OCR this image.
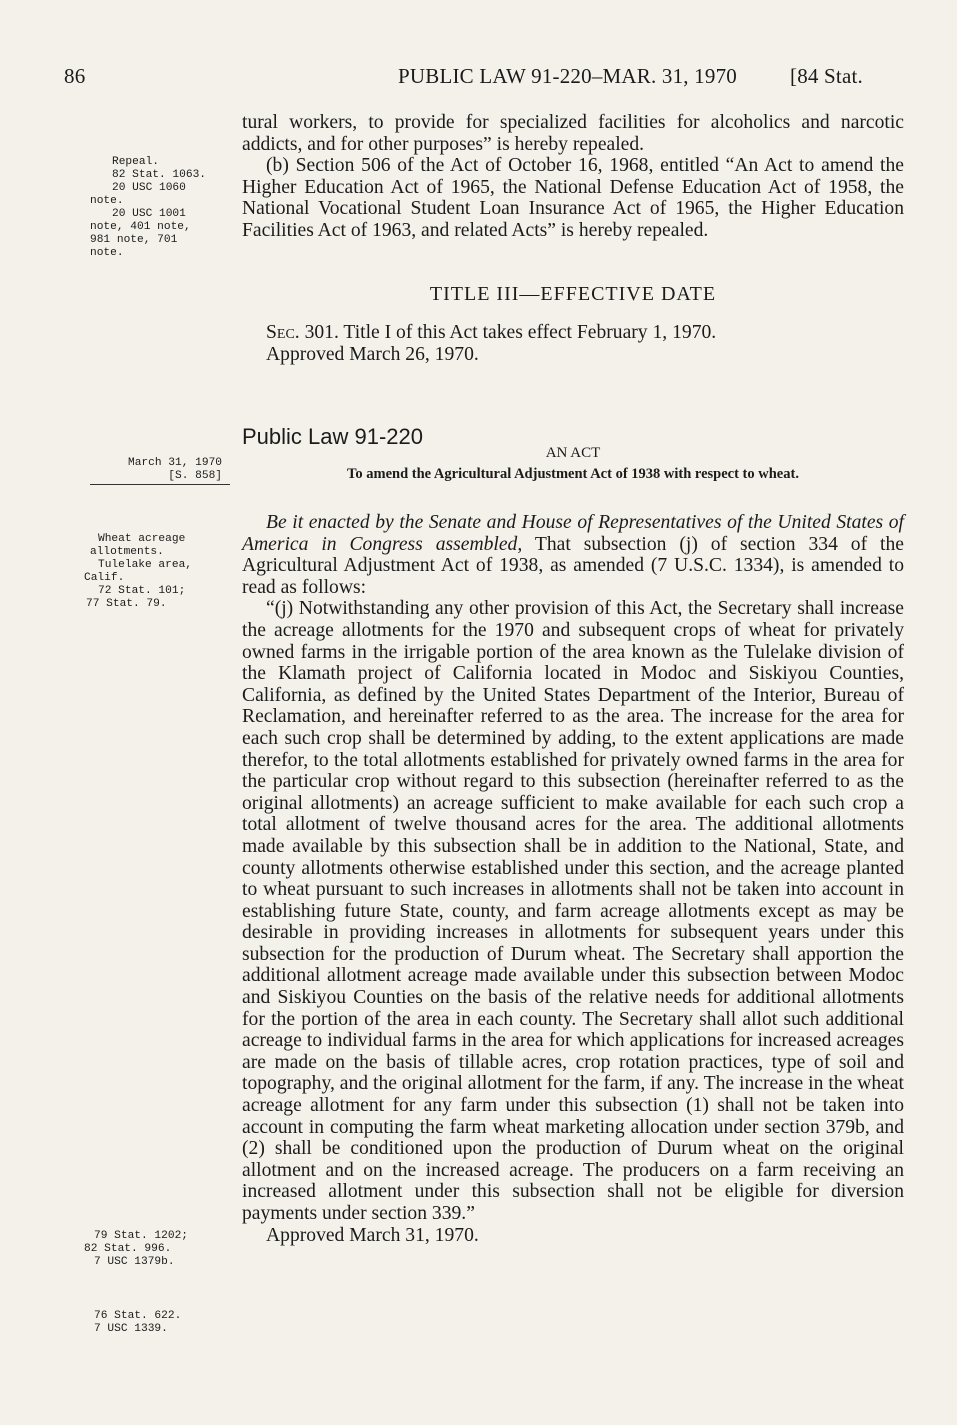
86	PUBLIC LAW 91-220–MAR. 31, 1970	[84 Stat.
Repeal.
82 Stat. 1063.
20 USC 1060
note.
20 USC 1001
note, 401 note,
981 note, 701
note.
March 31, 1970
[S. 858]
Wheat acreage
allotments.
Tulelake area,
Calif.
72 Stat. 101;
77 Stat. 79.
79 Stat. 1202;
82 Stat. 996.
7 USC 1379b.
76 Stat. 622.
7 USC 1339.

tural workers, to provide for specialized facilities for alcoholics and narcotic addicts, and for other purposes” is hereby repealed.

(b) Section 506 of the Act of October 16, 1968, entitled “An Act to amend the Higher Education Act of 1965, the National Defense Education Act of 1958, the National Vocational Student Loan Insurance Act of 1965, the Higher Education Facilities Act of 1963, and related Acts” is hereby repealed.

TITLE III—EFFECTIVE DATE

Sec. 301. Title I of this Act takes effect February 1, 1970.

Approved March 26, 1970.

Public Law 91-220
AN ACT
To amend the Agricultural Adjustment Act of 1938 with respect to wheat.

Be it enacted by the Senate and House of Representatives of the United States of America in Congress assembled, That subsection (j) of section 334 of the Agricultural Adjustment Act of 1938, as amended (7 U.S.C. 1334), is amended to read as follows:

“(j) Notwithstanding any other provision of this Act, the Secretary shall increase the acreage allotments for the 1970 and subsequent crops of wheat for privately owned farms in the irrigable portion of the area known as the Tulelake division of the Klamath project of California located in Modoc and Siskiyou Counties, California, as defined by the United States Department of the Interior, Bureau of Reclamation, and hereinafter referred to as the area. The increase for the area for each such crop shall be determined by adding, to the extent applications are made therefor, to the total allotments established for privately owned farms in the area for the particular crop without regard to this subsection (hereinafter referred to as the original allotments) an acreage sufficient to make available for each such crop a total allotment of twelve thousand acres for the area. The additional allotments made available by this subsection shall be in addition to the National, State, and county allotments otherwise established under this section, and the acreage planted to wheat pursuant to such increases in allotments shall not be taken into account in establishing future State, county, and farm acreage allotments except as may be desirable in providing increases in allotments for subsequent years under this subsection for the production of Durum wheat. The Secretary shall apportion the additional allotment acreage made available under this subsection between Modoc and Siskiyou Counties on the basis of the relative needs for additional allotments for the portion of the area in each county. The Secretary shall allot such additional acreage to individual farms in the area for which applications for increased acreages are made on the basis of tillable acres, crop rotation practices, type of soil and topography, and the original allotment for the farm, if any. The increase in the wheat acreage allotment for any farm under this subsection (1) shall not be taken into account in computing the farm wheat marketing allocation under section 379b, and (2) shall be conditioned upon the production of Durum wheat on the original allotment and on the increased acreage. The producers on a farm receiving an increased allotment under this subsection shall not be eligible for diversion payments under section 339.”

Approved March 31, 1970.
